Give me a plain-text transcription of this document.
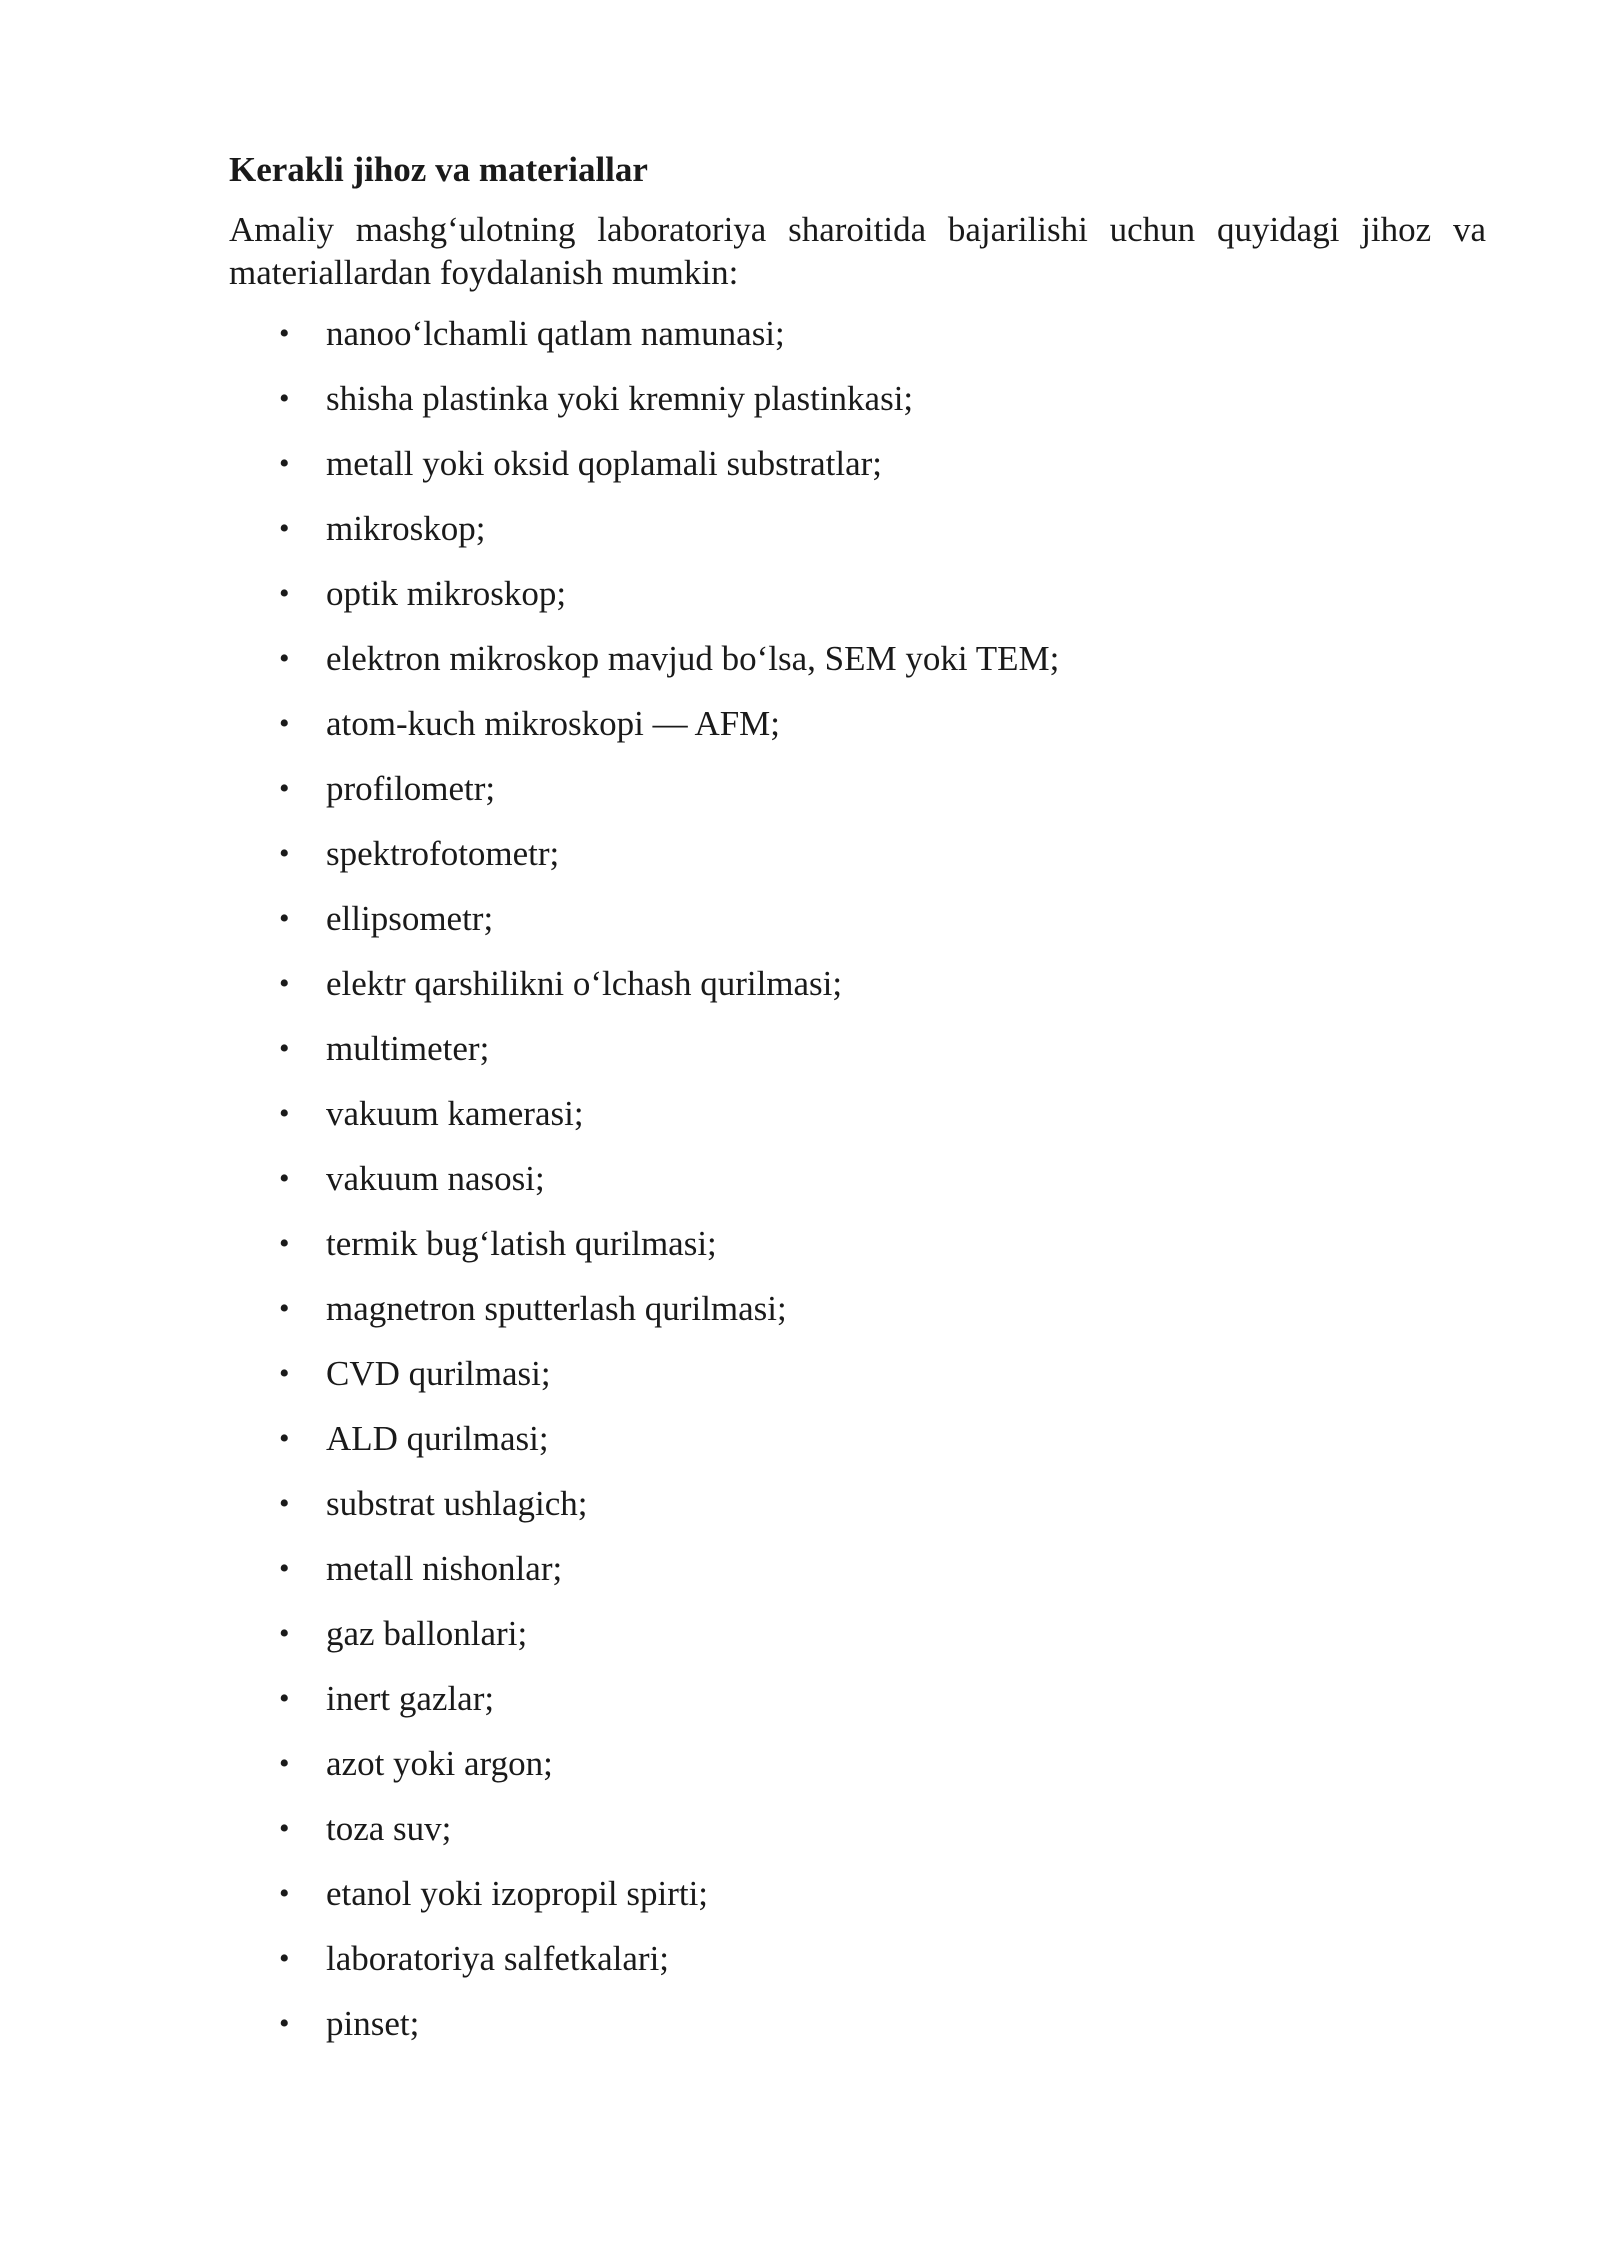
Kerakli jihoz va materiallar

Amaliy mashg‘ulotning laboratoriya sharoitida bajarilishi uchun quyidagi jihoz va materiallardan foydalanish mumkin:

• nanoo‘lchamli qatlam namunasi;
• shisha plastinka yoki kremniy plastinkasi;
• metall yoki oksid qoplamali substratlar;
• mikroskop;
• optik mikroskop;
• elektron mikroskop mavjud bo‘lsa, SEM yoki TEM;
• atom-kuch mikroskopi — AFM;
• profilometr;
• spektrofotometr;
• ellipsometr;
• elektr qarshilikni o‘lchash qurilmasi;
• multimeter;
• vakuum kamerasi;
• vakuum nasosi;
• termik bug‘latish qurilmasi;
• magnetron sputterlash qurilmasi;
• CVD qurilmasi;
• ALD qurilmasi;
• substrat ushlagich;
• metall nishonlar;
• gaz ballonlari;
• inert gazlar;
• azot yoki argon;
• toza suv;
• etanol yoki izopropil spirti;
• laboratoriya salfetkalari;
• pinset;
